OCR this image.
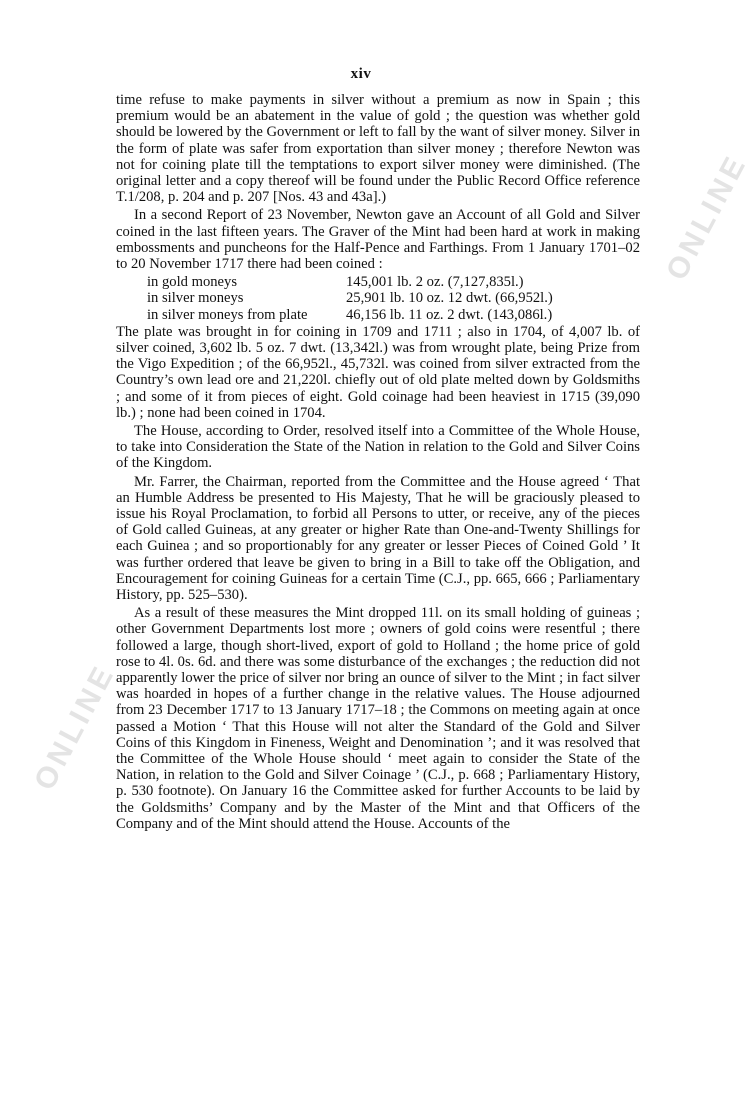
ONLINE
ONLINE
xiv

time refuse to make payments in silver without a premium as now in Spain ; this premium would be an abatement in the value of gold ; the question was whether gold should be lowered by the Government or left to fall by the want of silver money. Silver in the form of plate was safer from exportation than silver money ; therefore Newton was not for coining plate till the temptations to export silver money were diminished. (The original letter and a copy thereof will be found under the Public Record Office reference T.1/208, p. 204 and p. 207 [Nos. 43 and 43a].)

In a second Report of 23 November, Newton gave an Account of all Gold and Silver coined in the last fifteen years. The Graver of the Mint had been hard at work in making embossments and puncheons for the Half-Pence and Farthings. From 1 January 1701–02 to 20 November 1717 there had been coined :

in gold moneys	145,001 lb. 2 oz. (7,127,835l.)
in silver moneys	25,901 lb. 10 oz. 12 dwt. (66,952l.)
in silver moneys from plate	46,156 lb. 11 oz. 2 dwt. (143,086l.)

The plate was brought in for coining in 1709 and 1711 ; also in 1704, of 4,007 lb. of silver coined, 3,602 lb. 5 oz. 7 dwt. (13,342l.) was from wrought plate, being Prize from the Vigo Expedition ; of the 66,952l., 45,732l. was coined from silver extracted from the Country’s own lead ore and 21,220l. chiefly out of old plate melted down by Goldsmiths ; and some of it from pieces of eight. Gold coinage had been heaviest in 1715 (39,090 lb.) ; none had been coined in 1704.

The House, according to Order, resolved itself into a Committee of the Whole House, to take into Consideration the State of the Nation in relation to the Gold and Silver Coins of the Kingdom.

Mr. Farrer, the Chairman, reported from the Committee and the House agreed ‘ That an Humble Address be presented to His Majesty, That he will be graciously pleased to issue his Royal Proclamation, to forbid all Persons to utter, or receive, any of the pieces of Gold called Guineas, at any greater or higher Rate than One-and-Twenty Shillings for each Guinea ; and so proportionably for any greater or lesser Pieces of Coined Gold ’ It was further ordered that leave be given to bring in a Bill to take off the Obligation, and Encouragement for coining Guineas for a certain Time (C.J., pp. 665, 666 ; Parliamentary History, pp. 525–530).

As a result of these measures the Mint dropped 11l. on its small holding of guineas ; other Government Departments lost more ; owners of gold coins were resentful ; there followed a large, though short-lived, export of gold to Holland ; the home price of gold rose to 4l. 0s. 6d. and there was some disturbance of the exchanges ; the reduction did not apparently lower the price of silver nor bring an ounce of silver to the Mint ; in fact silver was hoarded in hopes of a further change in the relative values. The House adjourned from 23 December 1717 to 13 January 1717–18 ; the Commons on meeting again at once passed a Motion ‘ That this House will not alter the Standard of the Gold and Silver Coins of this Kingdom in Fineness, Weight and Denomination ’; and it was resolved that the Committee of the Whole House should ‘ meet again to consider the State of the Nation, in relation to the Gold and Silver Coinage ’ (C.J., p. 668 ; Parliamentary History, p. 530 footnote). On January 16 the Committee asked for further Accounts to be laid by the Goldsmiths’ Company and by the Master of the Mint and that Officers of the Company and of the Mint should attend the House. Accounts of the
